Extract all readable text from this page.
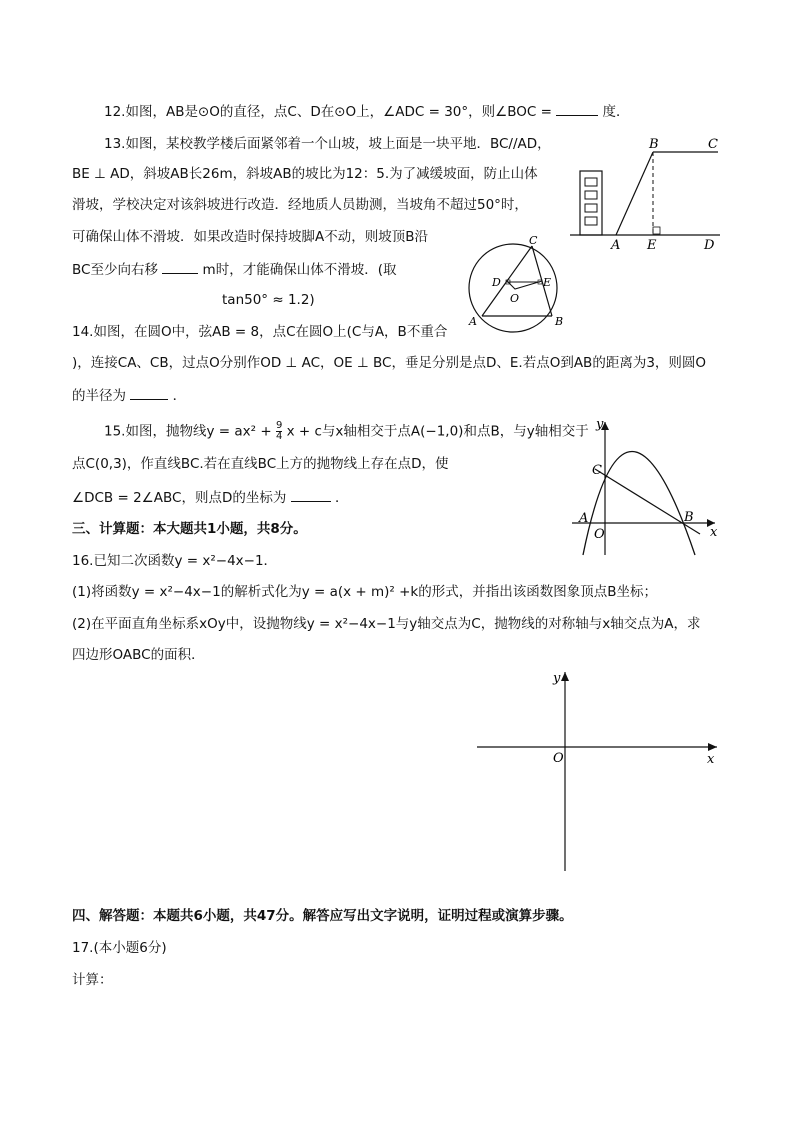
12.如图，AB是⊙O的直径，点C、D在⊙O上，∠ADC = 30°，则∠BOC =	度．
13.如图，某校教学楼后面紧邻着一个山坡，坡上面是一块平地．BC//AD，
BE ⊥ AD，斜坡AB长26m，斜坡AB的坡比为12：5.为了减缓坡面，防止山体
滑坡，学校决定对该斜坡进行改造．经地质人员勘测，当坡角不超过50°时，
可确保山体不滑坡．如果改造时保持坡脚A不动，则坡顶B沿
BC至少向右移	m时，才能确保山体不滑坡．(取
tan50° ≈ 1.2)
B	C
A E	D
C
D	E
O
A	B
14.如图，在圆O中，弦AB = 8，点C在圆O上(C与A，B不重合
)，连接CA、CB，过点O分别作OD ⊥ AC，OE ⊥ BC，垂足分别是点D、E.若点O到AB的距离为3，则圆O
的半径为	．
15.如图，抛物线$y = ax^2 + \frac{9}{4}$ x + c与x轴相交于点A(−1,0)和点B，与y轴相交于
点C(0,3)，作直线BC.若在直线BC上方的抛物线上存在点D，使
∠DCB = 2∠ABC，则点D的坐标为	．
y
C
A
O
B
x
三、计算题：本大题共1小题，共8分。
16.已知二次函数y = x²−4x−1．
(1)将函数y = x²−4x−1的解析式化为y = a(x + m)² +k的形式，并指出该函数图象顶点B坐标；
(2)在平面直角坐标系xOy中，设抛物线y = x²−4x−1与y轴交点为C，抛物线的对称轴与x轴交点为A，求
四边形OABC的面积．
y
O	x
四、解答题：本题共6小题，共47分。解答应写出文字说明，证明过程或演算步骤。
17.(本小题6分)
计算：
